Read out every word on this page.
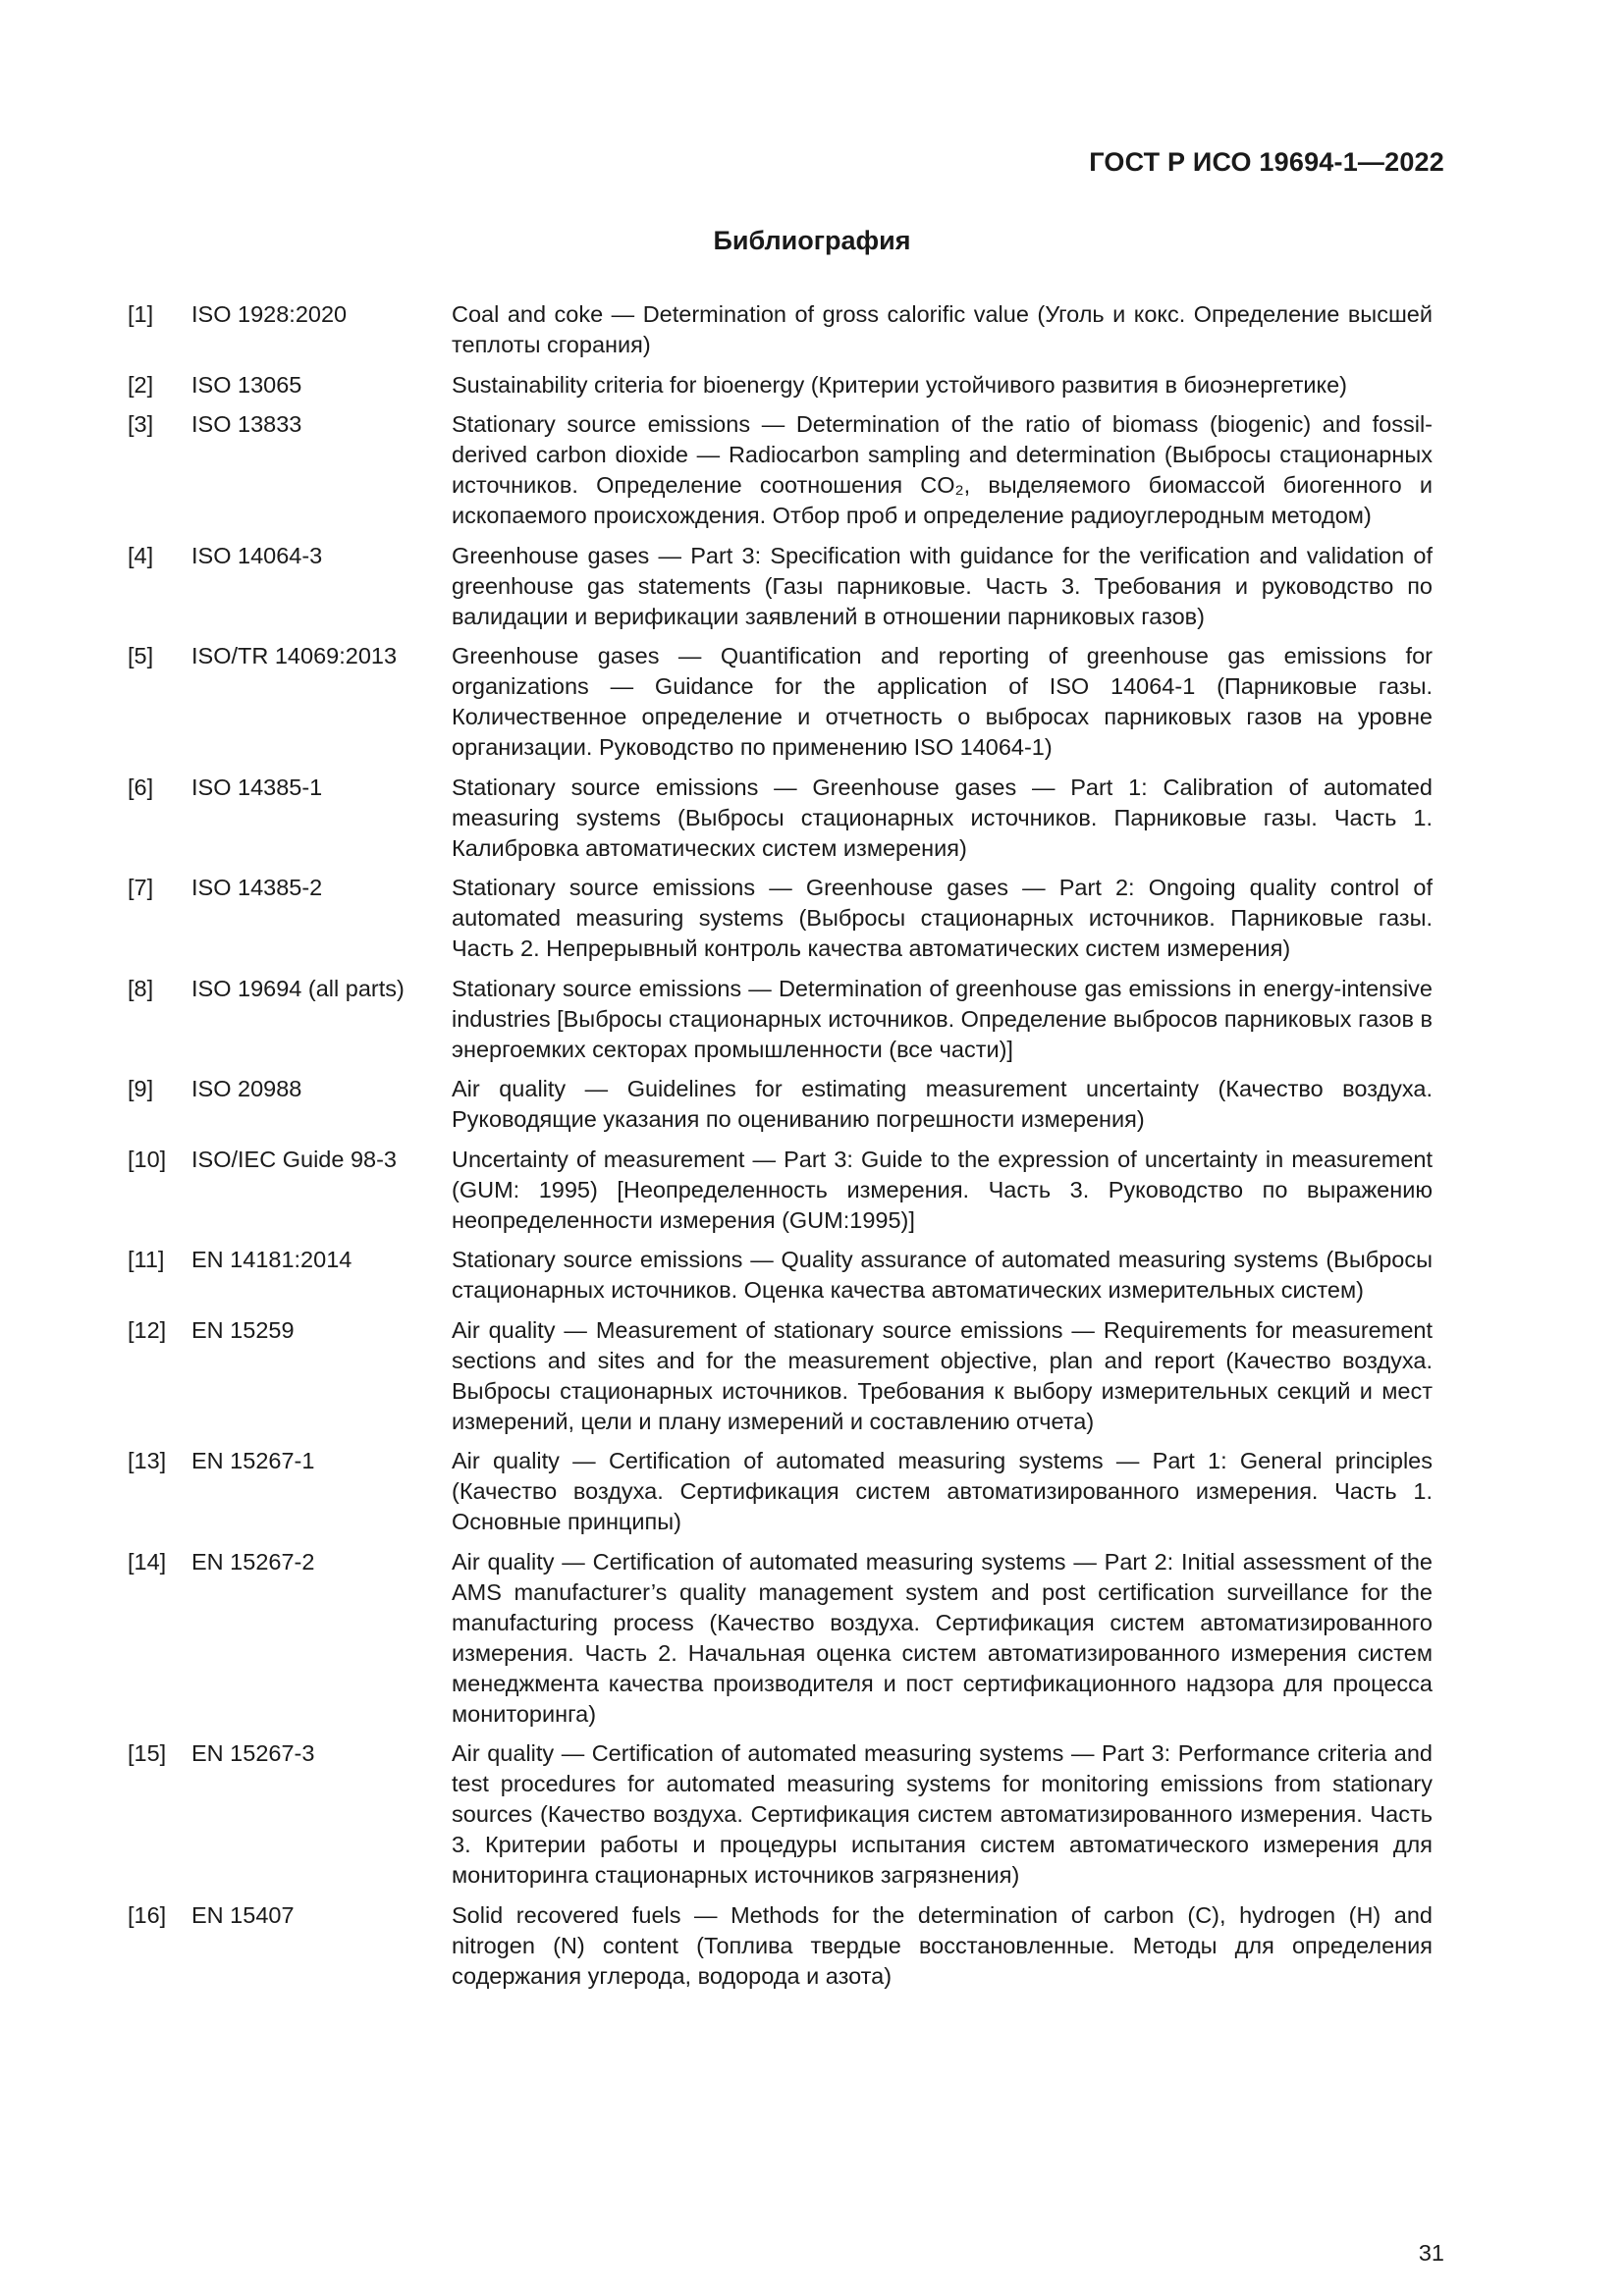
ГОСТ Р ИСО 19694-1—2022
Библиография
[1]	ISO 1928:2020	Coal and coke — Determination of gross calorific value (Уголь и кокс. Определение высшей теплоты сгорания)
[2]	ISO 13065	Sustainability criteria for bioenergy (Критерии устойчивого развития в биоэнергетике)
[3]	ISO 13833	Stationary source emissions — Determination of the ratio of biomass (biogenic) and fossil-derived carbon dioxide — Radiocarbon sampling and determination (Выбросы стационарных источников. Определение соотношения CO₂, выделяемого биомассой биогенного и ископаемого происхождения. Отбор проб и определение радиоуглеродным методом)
[4]	ISO 14064-3	Greenhouse gases — Part 3: Specification with guidance for the verification and validation of greenhouse gas statements (Газы парниковые. Часть 3. Требования и руководство по валидации и верификации заявлений в отношении парниковых газов)
[5]	ISO/TR 14069:2013	Greenhouse gases — Quantification and reporting of greenhouse gas emissions for organizations — Guidance for the application of ISO 14064-1 (Парниковые газы. Количественное определение и отчетность о выбросах парниковых газов на уровне организации. Руководство по применению ISO 14064-1)
[6]	ISO 14385-1	Stationary source emissions — Greenhouse gases — Part 1: Calibration of automated measuring systems (Выбросы стационарных источников. Парниковые газы. Часть 1. Калибровка автоматических систем измерения)
[7]	ISO 14385-2	Stationary source emissions — Greenhouse gases — Part 2: Ongoing quality control of automated measuring systems (Выбросы стационарных источников. Парниковые газы. Часть 2. Непрерывный контроль качества автоматических систем измерения)
[8]	ISO 19694 (all parts)	Stationary source emissions — Determination of greenhouse gas emissions in energy-intensive industries [Выбросы стационарных источников. Определение выбросов парниковых газов в энергоемких секторах промышленности (все части)]
[9]	ISO 20988	Air quality — Guidelines for estimating measurement uncertainty (Качество воздуха. Руководящие указания по оцениванию погрешности измерения)
[10]	ISO/IEC Guide 98-3	Uncertainty of measurement — Part 3: Guide to the expression of uncertainty in measurement (GUM: 1995) [Неопределенность измерения. Часть 3. Руководство по выражению неопределенности измерения (GUM:1995)]
[11]	EN 14181:2014	Stationary source emissions — Quality assurance of automated measuring systems (Выбросы стационарных источников. Оценка качества автоматических измерительных систем)
[12]	EN 15259	Air quality — Measurement of stationary source emissions — Requirements for measurement sections and sites and for the measurement objective, plan and report (Качество воздуха. Выбросы стационарных источников. Требования к выбору измерительных секций и мест измерений, цели и плану измерений и составлению отчета)
[13]	EN 15267-1	Air quality — Certification of automated measuring systems — Part 1: General principles (Качество воздуха. Сертификация систем автоматизированного измерения. Часть 1. Основные принципы)
[14]	EN 15267-2	Air quality — Certification of automated measuring systems — Part 2: Initial assessment of the AMS manufacturer’s quality management system and post certification surveillance for the manufacturing process (Качество воздуха. Сертификация систем автоматизированного измерения. Часть 2. Начальная оценка систем автоматизированного измерения систем менеджмента качества производителя и пост сертификационного надзора для процесса мониторинга)
[15]	EN 15267-3	Air quality — Certification of automated measuring systems — Part 3: Performance criteria and test procedures for automated measuring systems for monitoring emissions from stationary sources (Качество воздуха. Сертификация систем автоматизированного измерения. Часть 3. Критерии работы и процедуры испытания систем автоматического измерения для мониторинга стационарных источников загрязнения)
[16]	EN 15407	Solid recovered fuels — Methods for the determination of carbon (C), hydrogen (H) and nitrogen (N) content (Топлива твердые восстановленные. Методы для определения содержания углерода, водорода и азота)
31
